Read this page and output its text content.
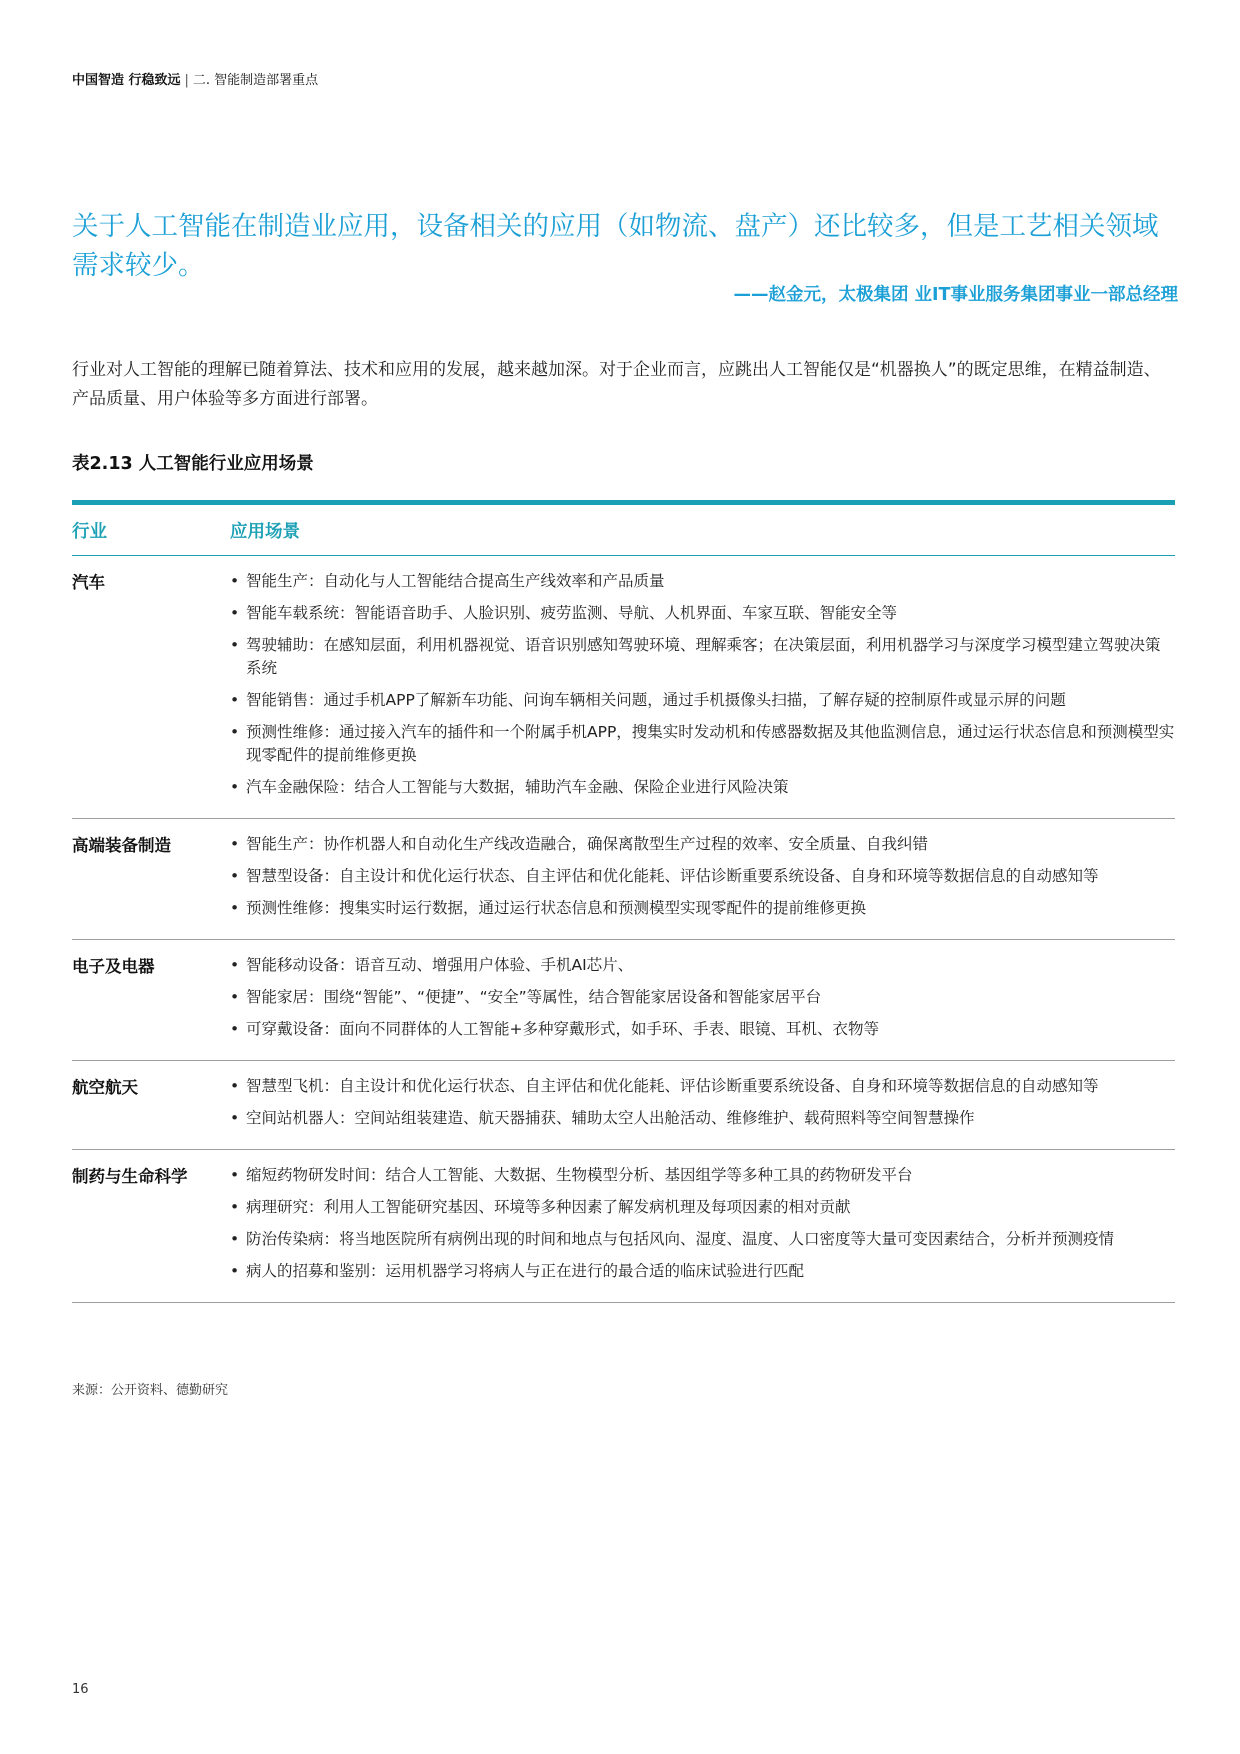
中国智造 行稳致远 | 二. 智能制造部署重点
关于人工智能在制造业应用，设备相关的应用（如物流、盘产）还比较多，但是工艺相关领域需求较少。
——赵金元，太极集团 业IT事业服务集团事业一部总经理
行业对人工智能的理解已随着算法、技术和应用的发展，越来越加深。对于企业而言，应跳出人工智能仅是“机器换人”的既定思维，在精益制造、产品质量、用户体验等多方面进行部署。
表2.13 人工智能行业应用场景
行业	应用场景
汽车	• 智能生产：自动化与人工智能结合提高生产线效率和产品质量
• 智能车载系统：智能语音助手、人脸识别、疲劳监测、导航、人机界面、车家互联、智能安全等
• 驾驶辅助：在感知层面，利用机器视觉、语音识别感知驾驶环境、理解乘客；在决策层面，利用机器学习与深度学习模型建立驾驶决策系统
• 智能销售：通过手机APP了解新车功能、问询车辆相关问题，通过手机摄像头扫描，了解存疑的控制原件或显示屏的问题
• 预测性维修：通过接入汽车的插件和一个附属手机APP，搜集实时发动机和传感器数据及其他监测信息，通过运行状态信息和预测模型实现零配件的提前维修更换
• 汽车金融保险：结合人工智能与大数据，辅助汽车金融、保险企业进行风险决策
高端装备制造	• 智能生产：协作机器人和自动化生产线改造融合，确保离散型生产过程的效率、安全质量、自我纠错
• 智慧型设备：自主设计和优化运行状态、自主评估和优化能耗、评估诊断重要系统设备、自身和环境等数据信息的自动感知等
• 预测性维修：搜集实时运行数据，通过运行状态信息和预测模型实现零配件的提前维修更换
电子及电器	• 智能移动设备：语音互动、增强用户体验、手机AI芯片、
• 智能家居：围绕“智能”、“便捷”、“安全”等属性，结合智能家居设备和智能家居平台
• 可穿戴设备：面向不同群体的人工智能+多种穿戴形式，如手环、手表、眼镜、耳机、衣物等
航空航天	• 智慧型飞机：自主设计和优化运行状态、自主评估和优化能耗、评估诊断重要系统设备、自身和环境等数据信息的自动感知等
• 空间站机器人：空间站组装建造、航天器捕获、辅助太空人出舱活动、维修维护、载荷照料等空间智慧操作
制药与生命科学	• 缩短药物研发时间：结合人工智能、大数据、生物模型分析、基因组学等多种工具的药物研发平台
• 病理研究：利用人工智能研究基因、环境等多种因素了解发病机理及每项因素的相对贡献
• 防治传染病：将当地医院所有病例出现的时间和地点与包括风向、湿度、温度、人口密度等大量可变因素结合，分析并预测疫情
• 病人的招募和鉴别：运用机器学习将病人与正在进行的最合适的临床试验进行匹配
来源：公开资料、德勤研究
16
